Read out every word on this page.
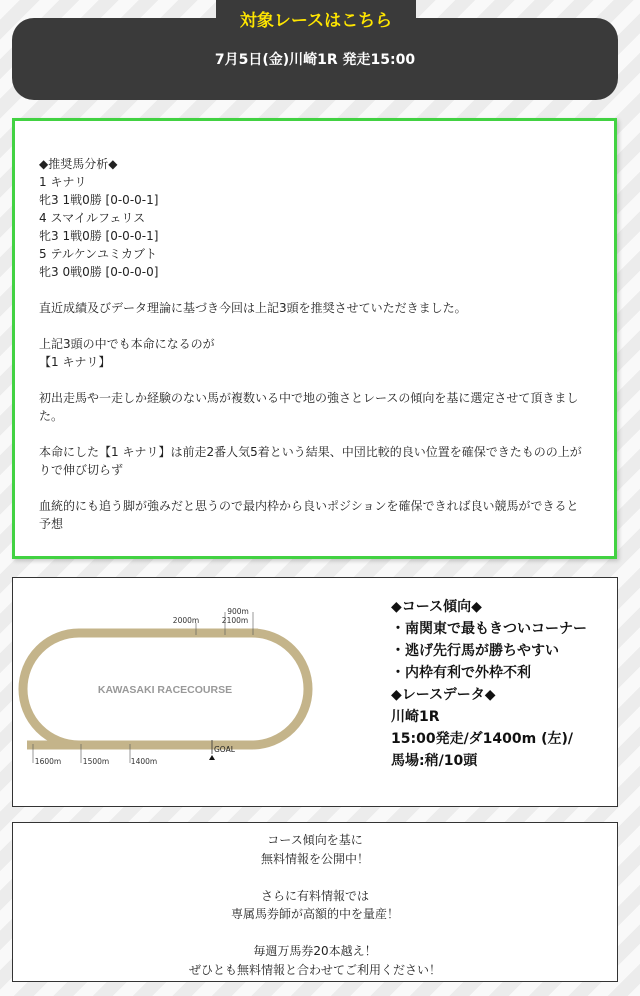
7月5日(金)川崎1R 発走15:00
対象レースはこちら

◆推奨馬分析◆

1 キナリ

牝3 1戦0勝 [0-0-0-1]

4 スマイルフェリス

牝3 1戦0勝 [0-0-0-1]

5 テルケンユミカブト

牝3 0戦0勝 [0-0-0-0]

直近成績及びデータ理論に基づき今回は上記3頭を推奨させていただきました。

上記3頭の中でも本命になるのが

【1 キナリ】

初出走馬や一走しか経験のない馬が複数いる中で地の強さとレースの傾向を基に選定させて頂きました。

本命にした【1 キナリ】は前走2番人気5着という結果、中団比較的良い位置を確保できたものの上がりで伸び切らず

血統的にも追う脚が強みだと思うので最内枠から良いポジションを確保できれば良い競馬ができると予想

KAWASAKI RACECOURSE
900m
2000m	2100m
GOAL
1600m	1500m	1400m
◆コース傾向◆
・南関東で最もきついコーナー
・逃げ先行馬が勝ちやすい
・内枠有利で外枠不利
◆レースデータ◆
川崎1R
15:00発走/ダ1400m (左)/
馬場:稍/10頭

コース傾向を基に

無料情報を公開中！

さらに有料情報では

専属馬券師が高額的中を量産！

毎週万馬券20本越え！

ぜひとも無料情報と合わせてご利用ください！
